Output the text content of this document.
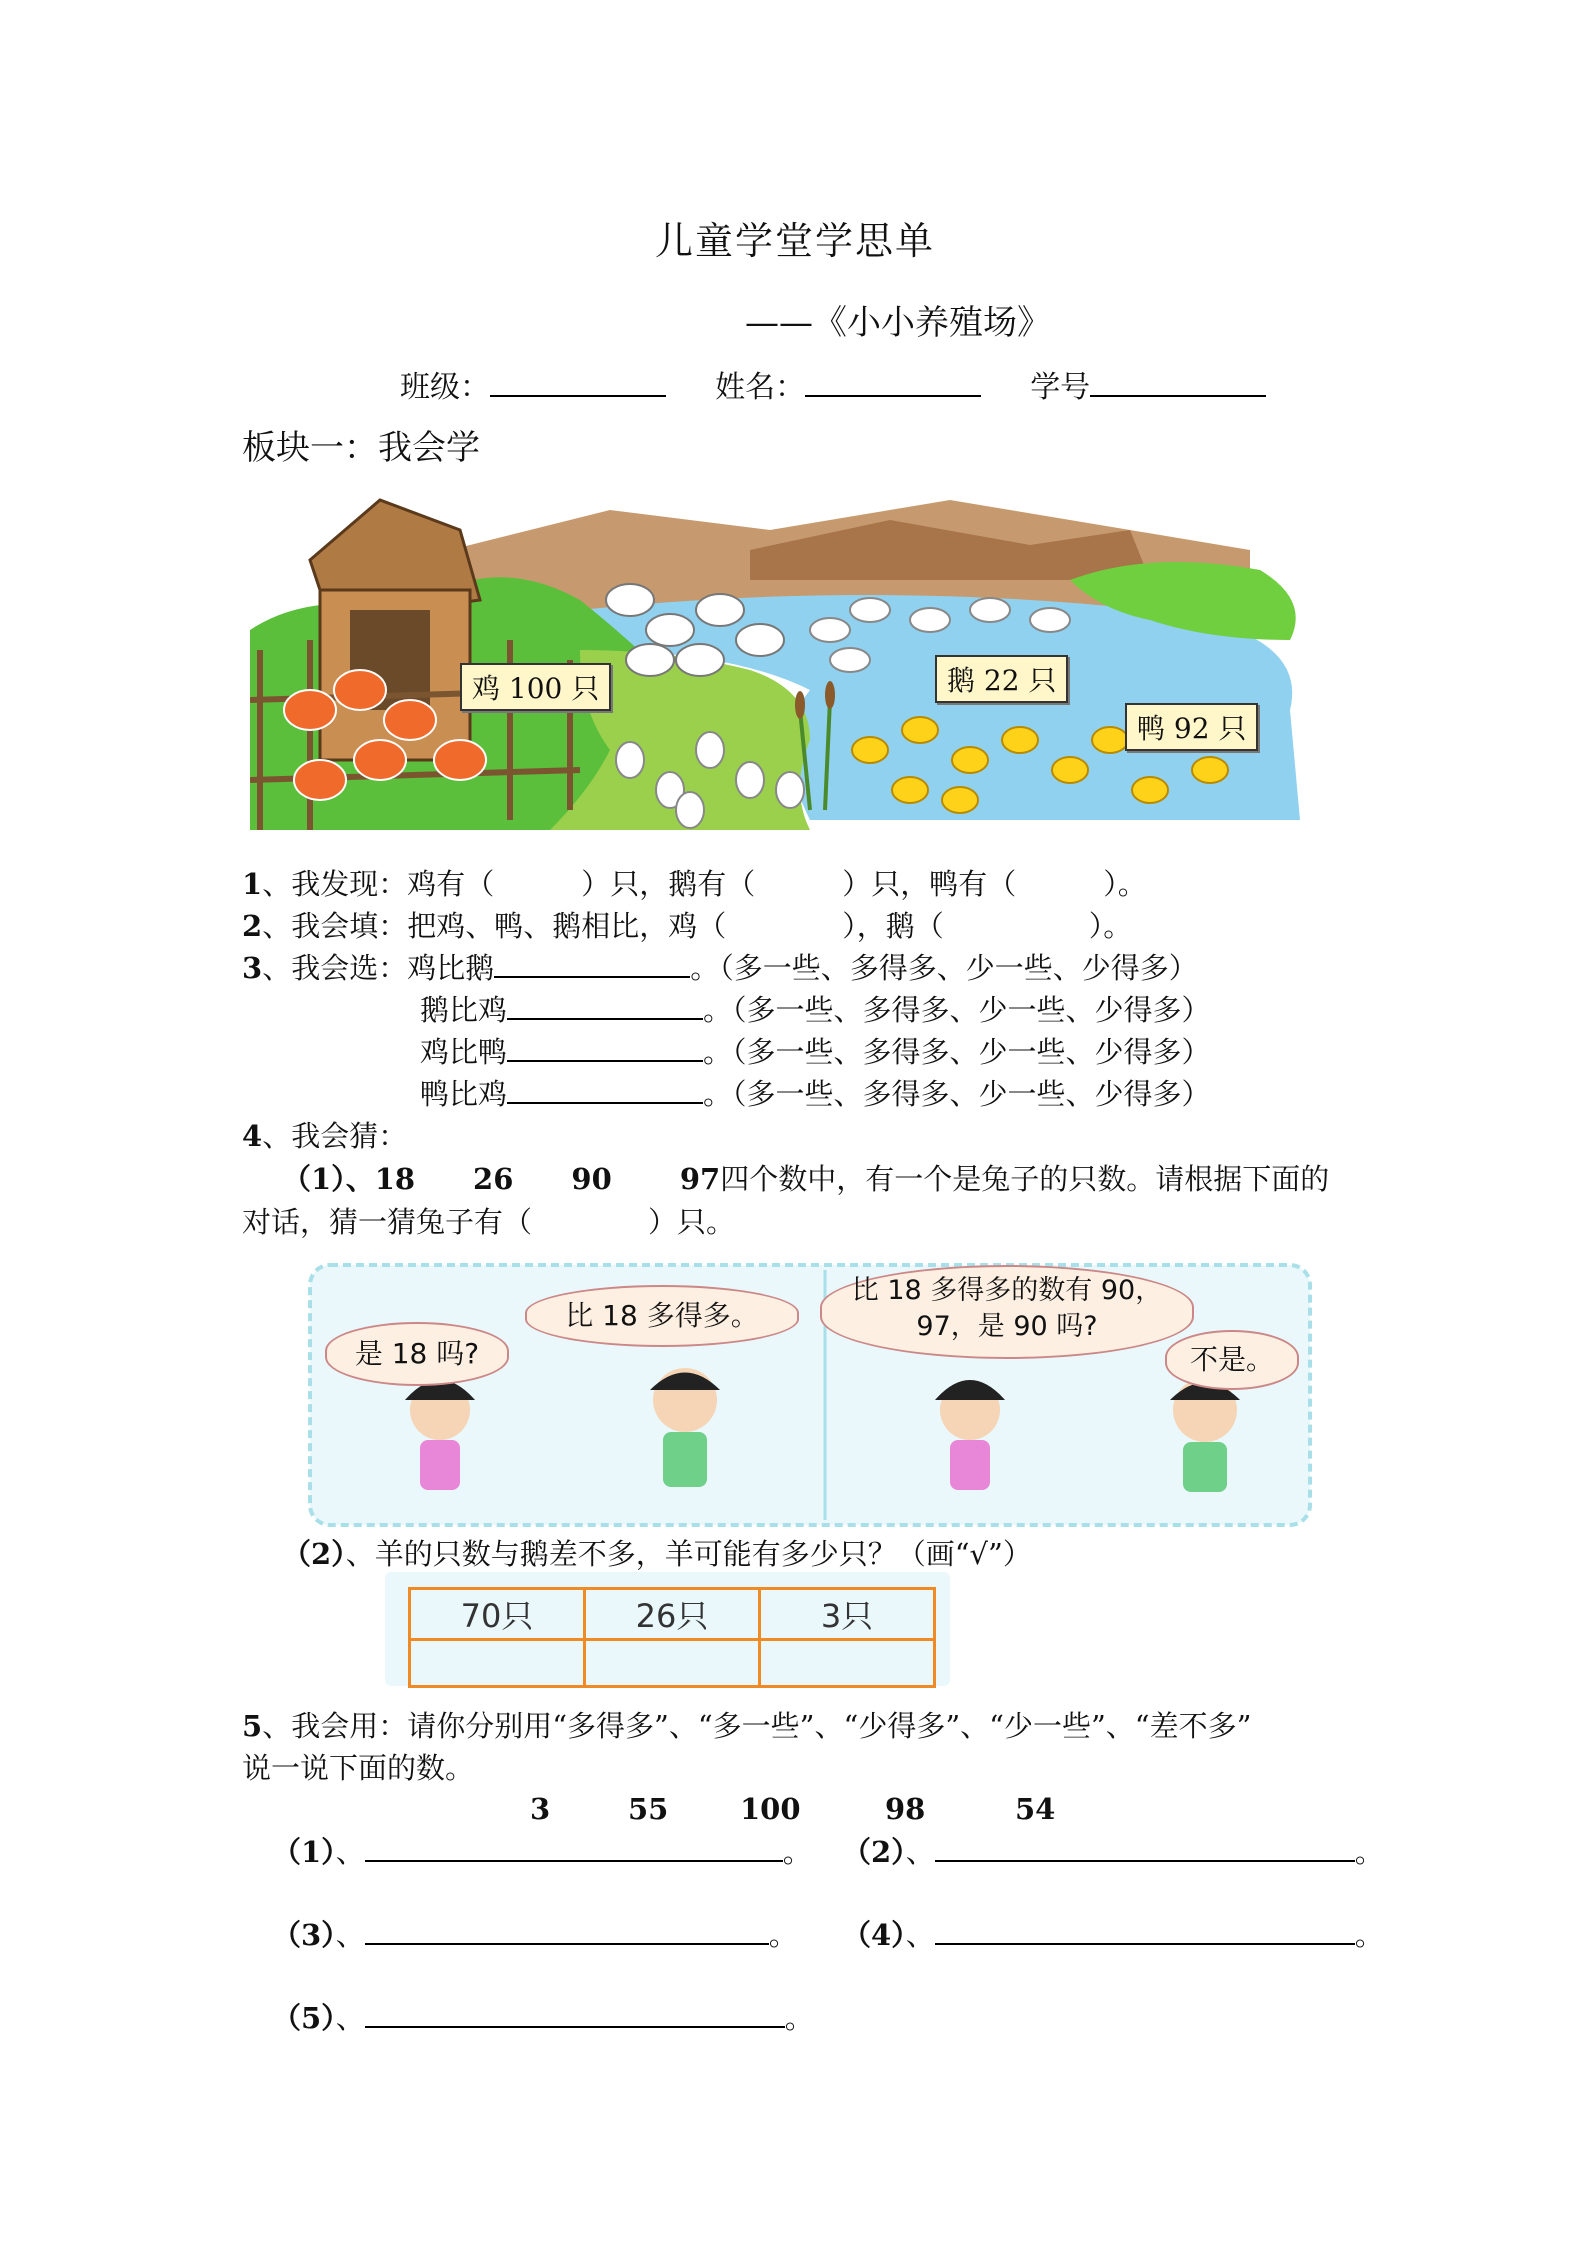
儿童学堂学思单
——《小小养殖场》
班级：	姓名：	学号
板块一：我会学
鸡 100 只	鹅 22 只
鸭 92 只
1、我发现：鸡有（　　　）只，鹅有（　　　）只，鸭有（　　　）。
2、我会填：把鸡、鸭、鹅相比，鸡（　　　　），鹅（　　　　　）。
3、我会选：鸡比鹅	。（多一些、多得多、少一些、少得多）
鹅比鸡	。（多一些、多得多、少一些、少得多）
鸡比鸭	。（多一些、多得多、少一些、少得多）
鸭比鸡	。（多一些、多得多、少一些、少得多）
4、我会猜：
（1）、18　　26　　90　　 97四个数中，有一个是兔子的只数。请根据下面的
对话，猜一猜兔子有（　　　　）只。
是 18 吗?
比 18 多得多。
比 18 多得多的数有 90，97，是 90 吗?
不是。
（2）、羊的只数与鹅差不多，羊可能有多少只？（画“√”）
70只	26只	3只

5、我会用：请你分别用“多得多”、“多一些”、“少得多”、“少一些”、“差不多”
说一说下面的数。
3	55 100	98	54
（1）、	。 （2）、	。
（3）、	。 （4）、	。
（5）、	。
